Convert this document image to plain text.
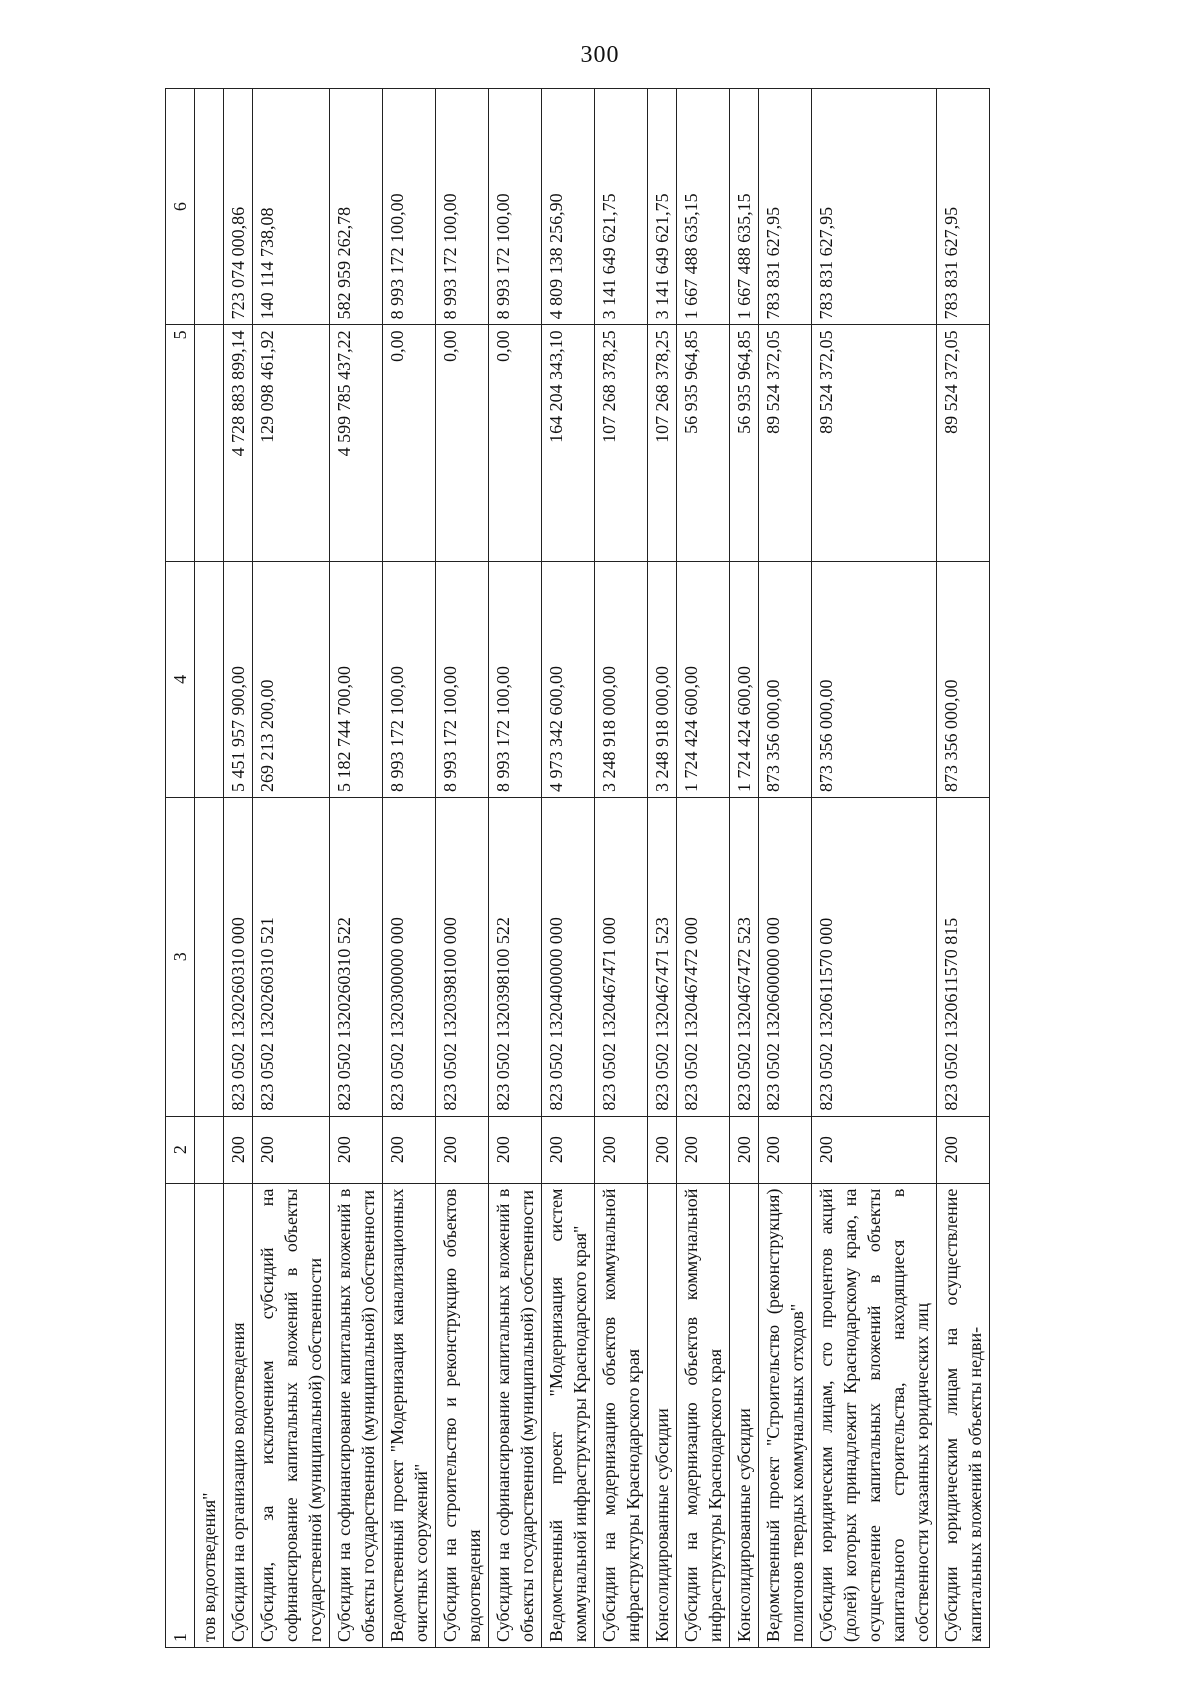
300
1	2	3	4	5	6
тов водоотведения"					
Субсидии на организацию водоотведения	200	823 0502 1320260310 000	5 451 957 900,00	4 728 883 899,14	723 074 000,86
Субсидии, за исключением субсидий на софинансирование капитальных вложений в объекты государственной (муниципальной) собственности	200	823 0502 1320260310 521	269 213 200,00	129 098 461,92	140 114 738,08
Субсидии на софинансирование капитальных вложений в объекты государственной (муниципальной) собственности	200	823 0502 1320260310 522	5 182 744 700,00	4 599 785 437,22	582 959 262,78
Ведомственный проект "Модернизация канализационных очистных сооружений"	200	823 0502 1320300000 000	8 993 172 100,00	0,00	8 993 172 100,00
Субсидии на строительство и реконструкцию объектов водоотведения	200	823 0502 1320398100 000	8 993 172 100,00	0,00	8 993 172 100,00
Субсидии на софинансирование капитальных вложений в объекты государственной (муниципальной) собственности	200	823 0502 1320398100 522	8 993 172 100,00	0,00	8 993 172 100,00
Ведомственный проект "Модернизация систем коммунальной инфраструктуры Краснодарского края"	200	823 0502 1320400000 000	4 973 342 600,00	164 204 343,10	4 809 138 256,90
Субсидии на модернизацию объектов коммунальной инфраструктуры Краснодарского края	200	823 0502 1320467471 000	3 248 918 000,00	107 268 378,25	3 141 649 621,75
Консолидированные субсидии	200	823 0502 1320467471 523	3 248 918 000,00	107 268 378,25	3 141 649 621,75
Субсидии на модернизацию объектов коммунальной инфраструктуры Краснодарского края	200	823 0502 1320467472 000	1 724 424 600,00	56 935 964,85	1 667 488 635,15
Консолидированные субсидии	200	823 0502 1320467472 523	1 724 424 600,00	56 935 964,85	1 667 488 635,15
Ведомственный проект "Строительство (реконструкция) полигонов твердых коммунальных отходов"	200	823 0502 1320600000 000	873 356 000,00	89 524 372,05	783 831 627,95
Субсидии юридическим лицам, сто процентов акций (долей) которых принадлежит Краснодарскому краю, на осуществление капитальных вложений в объекты капитального строительства, находящиеся в собственности указанных юридических лиц	200	823 0502 1320611570 000	873 356 000,00	89 524 372,05	783 831 627,95
Субсидии юридическим лицам на осуществление капитальных вложений в объекты недви-	200	823 0502 1320611570 815	873 356 000,00	89 524 372,05	783 831 627,95
